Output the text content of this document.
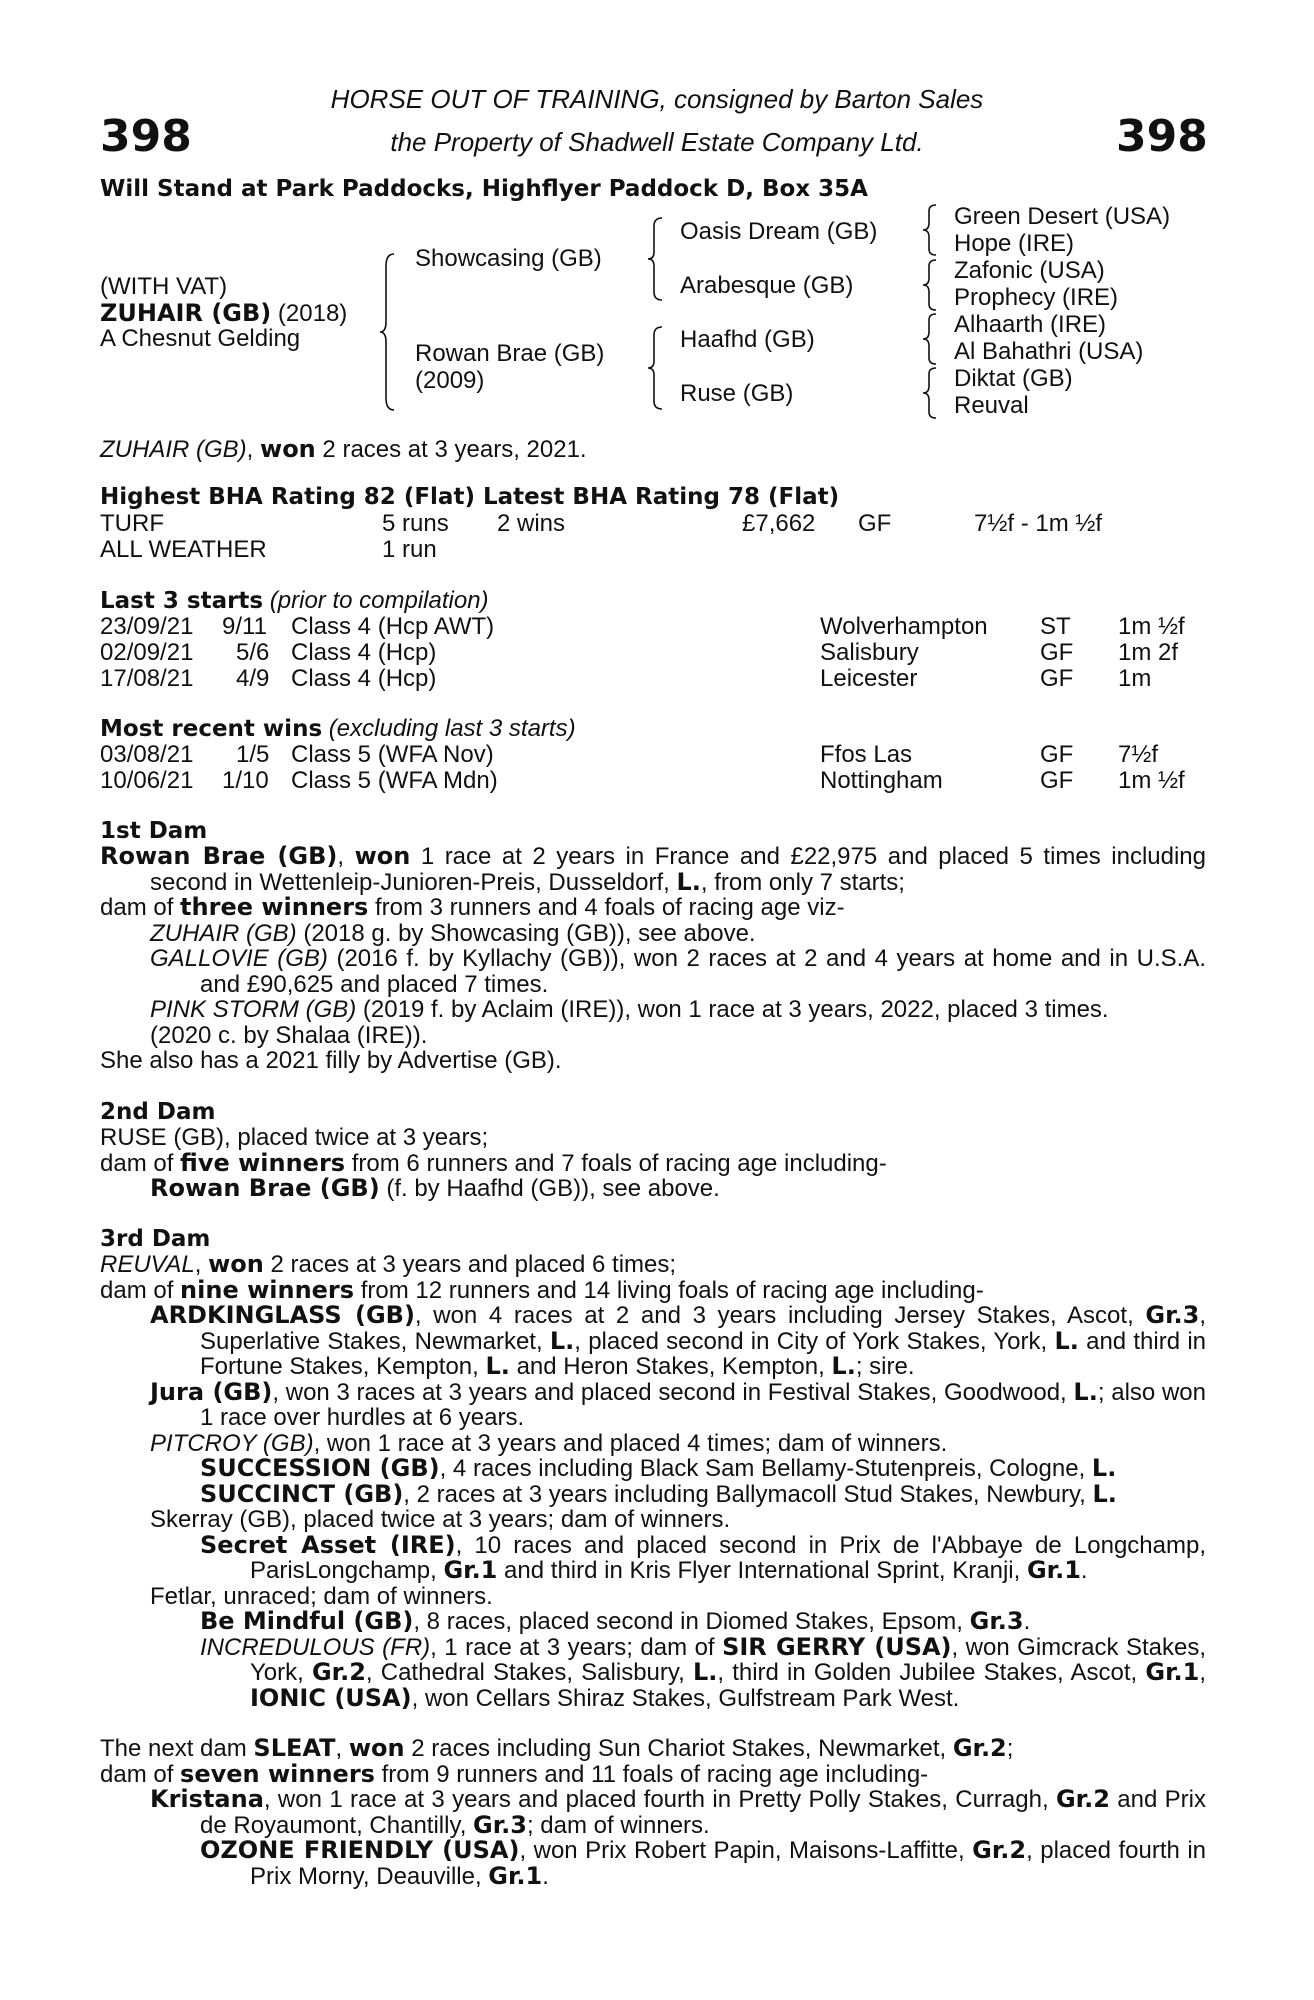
398	398
HORSE OUT OF TRAINING, consigned by Barton Sales
the Property of Shadwell Estate Company Ltd.
Will Stand at Park Paddocks, Highflyer Paddock D, Box 35A
(WITH VAT)
ZUHAIR (GB) (2018)
A Chesnut Gelding
Showcasing (GB)
Rowan Brae (GB)
(2009)
Oasis Dream (GB)
Arabesque (GB)
Haafhd (GB)
Ruse (GB)
Green Desert (USA)
Hope (IRE)
Zafonic (USA)
Prophecy (IRE)
Alhaarth (IRE)
Al Bahathri (USA)
Diktat (GB)
Reuval
ZUHAIR (GB), won 2 races at 3 years, 2021.
Highest BHA Rating 82 (Flat) Latest BHA Rating 78 (Flat)
TURF	5 runs 2 wins	£7,662 GF	7½f - 1m ½f
ALL WEATHER	1 run
Last 3 starts (prior to compilation)
23/09/21 9/11 Class 4 (Hcp AWT)	Wolverhampton ST 1m ½f
02/09/21 5/6 Class 4 (Hcp)	Salisbury	GF 1m 2f
17/08/21 4/9 Class 4 (Hcp)	Leicester	GF 1m
Most recent wins (excluding last 3 starts)
03/08/21 1/5 Class 5 (WFA Nov)	Ffos Las	GF 7½f
10/06/21 1/10 Class 5 (WFA Mdn)	Nottingham	GF 1m ½f
1st Dam

Rowan Brae (GB), won 1 race at 2 years in France and £22,975 and placed 5 times including second in Wettenleip-Junioren-Preis, Dusseldorf, L., from only 7 starts;

dam of three winners from 3 runners and 4 foals of racing age viz-

ZUHAIR (GB) (2018 g. by Showcasing (GB)), see above.

GALLOVIE (GB) (2016 f. by Kyllachy (GB)), won 2 races at 2 and 4 years at home and in U.S.A. and £90,625 and placed 7 times.

PINK STORM (GB) (2019 f. by Aclaim (IRE)), won 1 race at 3 years, 2022, placed 3 times.

(2020 c. by Shalaa (IRE)).

She also has a 2021 filly by Advertise (GB).

2nd Dam

RUSE (GB), placed twice at 3 years;

dam of five winners from 6 runners and 7 foals of racing age including-

Rowan Brae (GB) (f. by Haafhd (GB)), see above.

3rd Dam

REUVAL, won 2 races at 3 years and placed 6 times;

dam of nine winners from 12 runners and 14 living foals of racing age including-

ARDKINGLASS (GB), won 4 races at 2 and 3 years including Jersey Stakes, Ascot, Gr.3, Superlative Stakes, Newmarket, L., placed second in City of York Stakes, York, L. and third in Fortune Stakes, Kempton, L. and Heron Stakes, Kempton, L.; sire.

Jura (GB), won 3 races at 3 years and placed second in Festival Stakes, Goodwood, L.; also won 1 race over hurdles at 6 years.

PITCROY (GB), won 1 race at 3 years and placed 4 times; dam of winners.

SUCCESSION (GB), 4 races including Black Sam Bellamy-Stutenpreis, Cologne, L.

SUCCINCT (GB), 2 races at 3 years including Ballymacoll Stud Stakes, Newbury, L.

Skerray (GB), placed twice at 3 years; dam of winners.

Secret Asset (IRE), 10 races and placed second in Prix de l'Abbaye de Longchamp, ParisLongchamp, Gr.1 and third in Kris Flyer International Sprint, Kranji, Gr.1.

Fetlar, unraced; dam of winners.

Be Mindful (GB), 8 races, placed second in Diomed Stakes, Epsom, Gr.3.

INCREDULOUS (FR), 1 race at 3 years; dam of SIR GERRY (USA), won Gimcrack Stakes, York, Gr.2, Cathedral Stakes, Salisbury, L., third in Golden Jubilee Stakes, Ascot, Gr.1, IONIC (USA), won Cellars Shiraz Stakes, Gulfstream Park West.

The next dam SLEAT, won 2 races including Sun Chariot Stakes, Newmarket, Gr.2;

dam of seven winners from 9 runners and 11 foals of racing age including-

Kristana, won 1 race at 3 years and placed fourth in Pretty Polly Stakes, Curragh, Gr.2 and Prix de Royaumont, Chantilly, Gr.3; dam of winners.

OZONE FRIENDLY (USA), won Prix Robert Papin, Maisons-Laffitte, Gr.2, placed fourth in Prix Morny, Deauville, Gr.1.
